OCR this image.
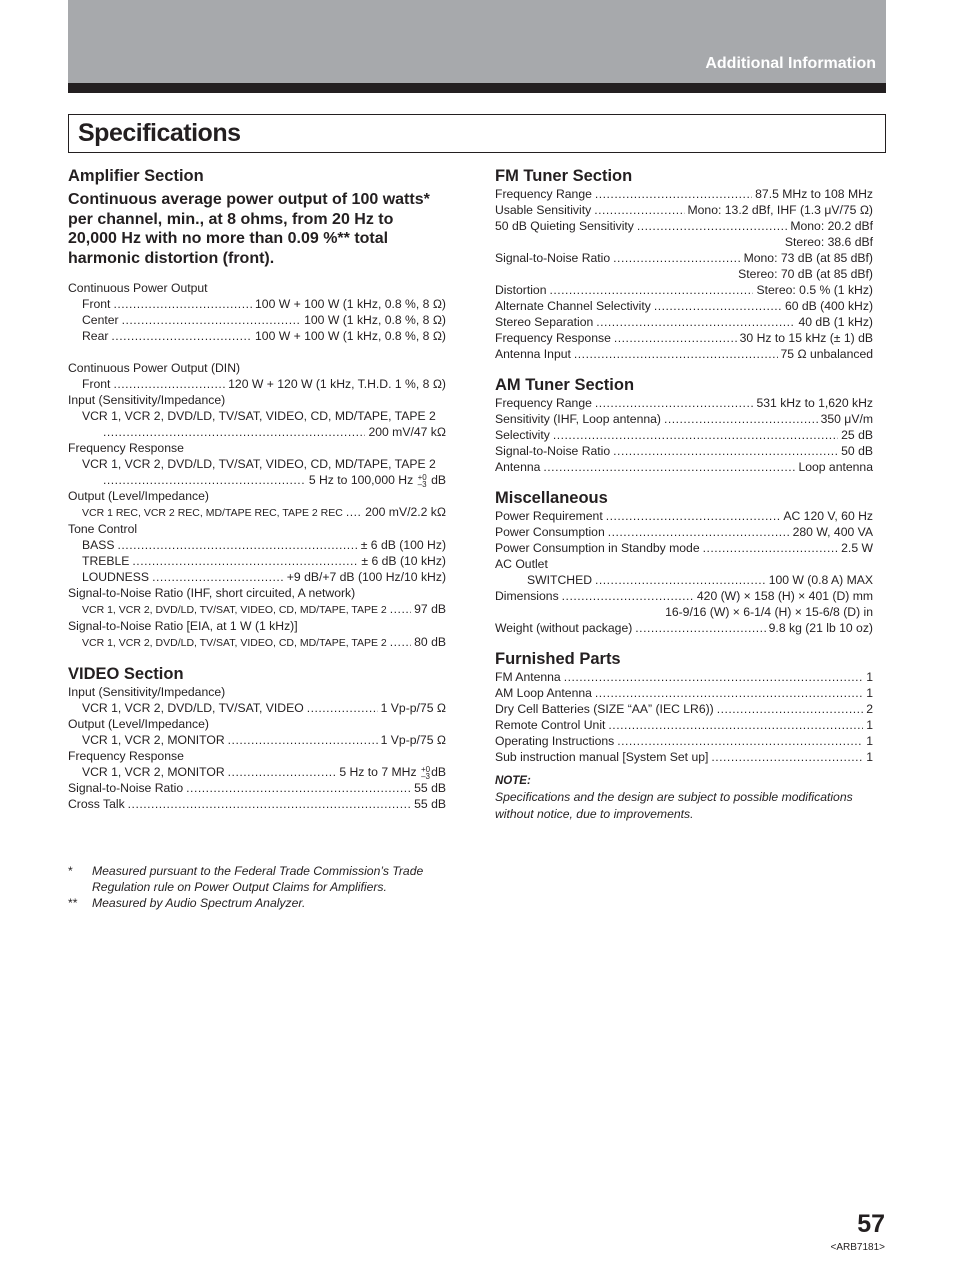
Additional Information
Specifications
Amplifier Section
Continuous average power output of 100 watts* per channel, min., at 8 ohms, from 20 Hz to 20,000 Hz with no more than 0.09 %** total harmonic distortion (front).
Continuous Power Output
Front .....	100 W + 100 W (1 kHz, 0.8 %, 8 Ω)
Center .....	100 W (1 kHz, 0.8 %, 8 Ω)
Rear .....	100 W + 100 W (1 kHz, 0.8 %, 8 Ω)
Continuous Power Output (DIN)
Front .....	120 W + 120 W (1 kHz, T.H.D. 1 %, 8 Ω)
Input (Sensitivity/Impedance)
VCR 1, VCR 2, DVD/LD, TV/SAT, VIDEO, CD, MD/TAPE, TAPE 2
.....
200 mV/47 kΩ
Frequency Response
VCR 1, VCR 2, DVD/LD, TV/SAT, VIDEO, CD, MD/TAPE, TAPE 2
.....
5 Hz to 100,000 Hz +0
–3 dB
Output (Level/Impedance)
VCR 1 REC, VCR 2 REC, MD/TAPE REC, TAPE 2 REC ..... 200 mV/2.2 kΩ
Tone Control
BASS .....	± 6 dB (100 Hz)
TREBLE .....	± 6 dB (10 kHz)
LOUDNESS .....	+9 dB/+7 dB (100 Hz/10 kHz)
Signal-to-Noise Ratio (IHF, short circuited, A network)
VCR 1, VCR 2, DVD/LD, TV/SAT, VIDEO, CD, MD/TAPE, TAPE 2 ..... 97 dB
Signal-to-Noise Ratio [EIA, at 1 W (1 kHz)]
VCR 1, VCR 2, DVD/LD, TV/SAT, VIDEO, CD, MD/TAPE, TAPE 2 ..... 80 dB
VIDEO Section
Input (Sensitivity/Impedance)
VCR 1, VCR 2, DVD/LD, TV/SAT, VIDEO .....	1 Vp-p/75 Ω
Output (Level/Impedance)
VCR 1, VCR 2, MONITOR .....	1 Vp-p/75 Ω
Frequency Response
VCR 1, VCR 2, MONITOR .....	5 Hz to 7 MHz +0
–3dB
Signal-to-Noise Ratio .....	55 dB
Cross Talk .....	55 dB
*	Measured pursuant to the Federal Trade Commission’s Trade Regulation rule on Power Output Claims for Amplifiers.
**	Measured by Audio Spectrum Analyzer.
FM Tuner Section
Frequency Range .....	87.5 MHz to 108 MHz
Usable Sensitivity .....	Mono: 13.2 dBf, IHF (1.3 μV/75 Ω)
50 dB Quieting Sensitivity .....	Mono: 20.2 dBf
Stereo: 38.6 dBf
Signal-to-Noise Ratio .....	Mono: 73 dB (at 85 dBf)
Stereo: 70 dB (at 85 dBf)
Distortion .....	Stereo: 0.5 % (1 kHz)
Alternate Channel Selectivity .....	60 dB (400 kHz)
Stereo Separation .....	40 dB (1 kHz)
Frequency Response .....	30 Hz to 15 kHz (± 1) dB
Antenna Input .....	75 Ω unbalanced
AM Tuner Section
Frequency Range .....	531 kHz to 1,620 kHz
Sensitivity (IHF, Loop antenna) .....	350 μV/m
Selectivity .....	25 dB
Signal-to-Noise Ratio .....	50 dB
Antenna .....	Loop antenna
Miscellaneous
Power Requirement .....	AC 120 V, 60 Hz
Power Consumption .....	280 W, 400 VA
Power Consumption in Standby mode .....	2.5 W
AC Outlet
SWITCHED .....	100 W (0.8 A) MAX
Dimensions .....	420 (W) × 158 (H) × 401 (D) mm
16-9/16 (W) × 6-1/4 (H) × 15-6/8 (D) in
Weight (without package) .....	9.8 kg (21 lb 10 oz)
Furnished Parts
FM Antenna .....	1
AM Loop Antenna .....	1
Dry Cell Batteries (SIZE “AA” (IEC LR6)) .....	2
Remote Control Unit .....	1
Operating Instructions .....	1
Sub instruction manual [System Set up] .....	1
NOTE:
Specifications and the design are subject to possible modifications without notice, due to improvements.
57
<ARB7181>
